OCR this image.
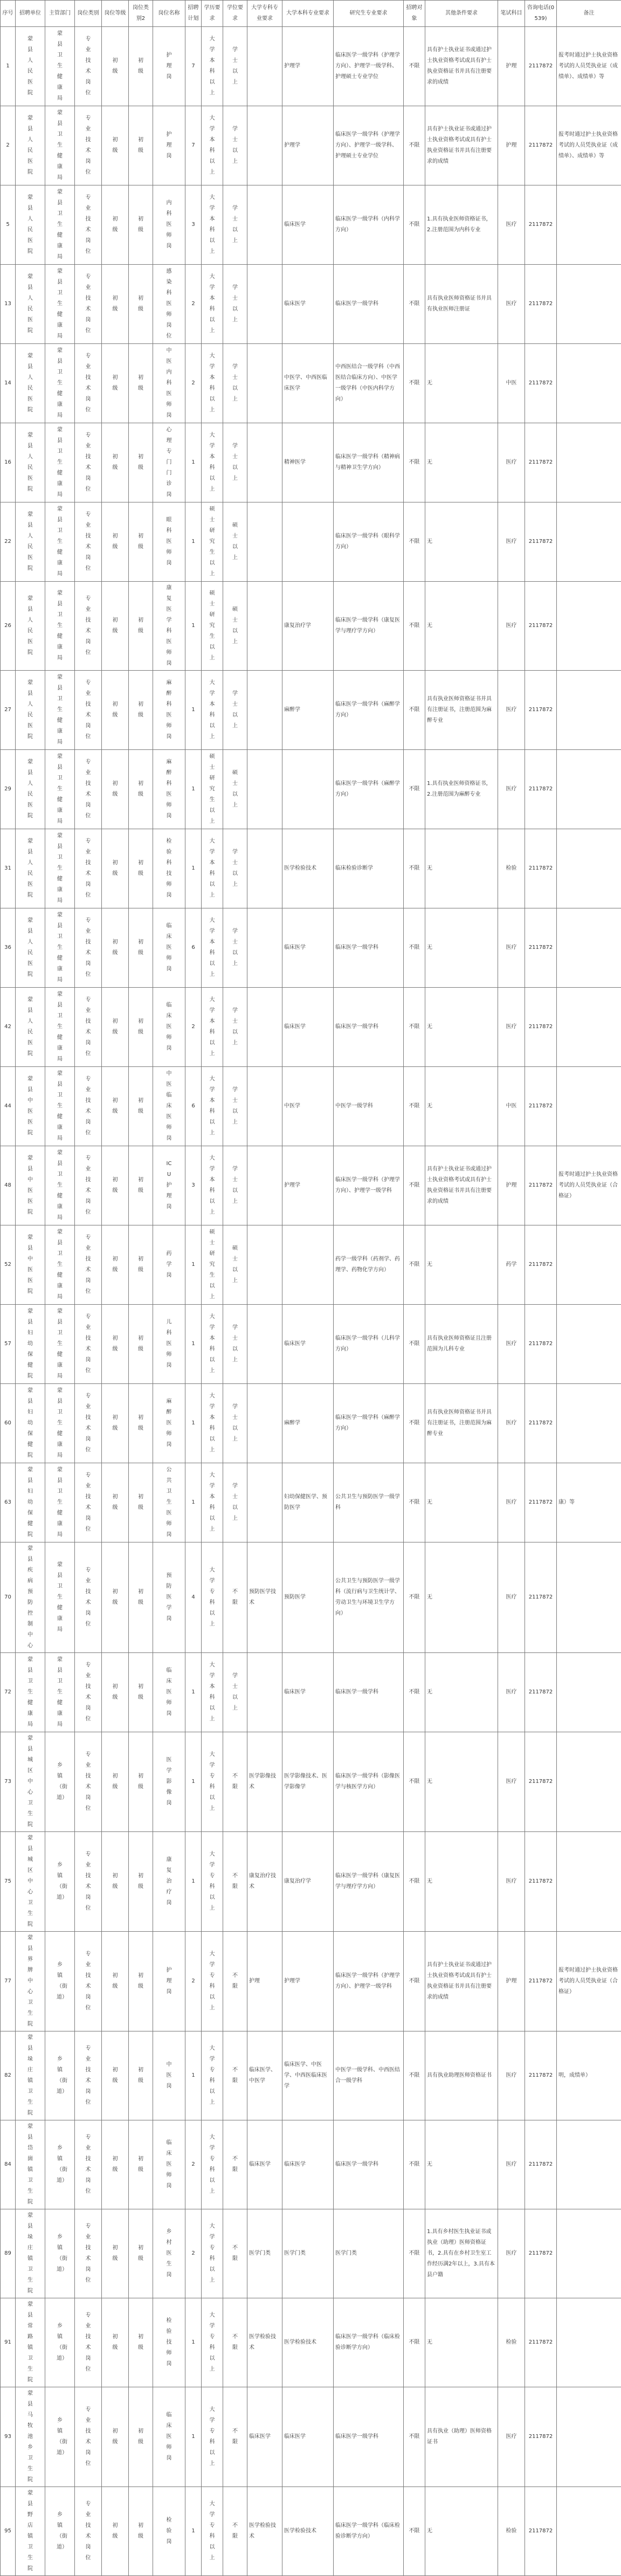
序号	招聘单位	主管部门	岗位类别	岗位等级	岗位类别2	岗位名称	招聘计划	学历要求	学位要求	大学专科专业要求	大学本科专业要求	研究生专业要求	招聘对象	其他条件要求	笔试科目	咨询电话(0539)	备注
1	蒙县人民医院	蒙县卫生健康局	专业技术岗位	初级	初级	护理岗	7	大学本科以上	学士以上		护理学	临床医学一级学科（护理学方向）、护理学一级学科、护理硕士专业学位	不限	具有护士执业证书或通过护士执业资格考试或具有护士执业资格证书并具有注册要求的成绩	护理	2117872	报考时通过护士执业资格考试的人员凭执业证（成绩单）、成绩单）等
2	蒙县人民医院	蒙县卫生健康局	专业技术岗位	初级	初级	护理岗	7	大学本科以上	学士以上		护理学	临床医学一级学科（护理学方向）、护理学一级学科、护理硕士专业学位	不限	具有护士执业证书或通过护士执业资格考试或具有护士执业资格证书并具有注册要求的成绩	护理	2117872	报考时通过护士执业资格考试的人员凭执业证（成绩单）、成绩单）等
5	蒙县人民医院	蒙县卫生健康局	专业技术岗位	初级	初级	内科医师岗	3	大学本科以上	学士以上		临床医学	临床医学一级学科（内科学方向）	不限	1.具有执业医师资格证书，2.注册范围为内科专业	医疗	2117872	
13	蒙县人民医院	蒙县卫生健康局	专业技术岗位	初级	初级	感染科医师岗位	2	大学本科以上	学士以上		临床医学	临床医学一级学科	不限	具有执业医师资格证书并具有执业医师注册证	医疗	2117872	
14	蒙县人民医院	蒙县卫生健康局	专业技术岗位	初级	初级	中医内科医师岗	2	大学本科以上	学士以上		中医学、中西医临床医学	中西医结合一级学科（中西医结合临床方向）、中医学一级学科（中医内科学方向）	不限	无	中医	2117872	
16	蒙县人民医院	蒙县卫生健康局	专业技术岗位	初级	初级	心理专门门诊岗	1	大学本科以上	学士以上		精神医学	临床医学一级学科（精神病与精神卫生学方向）	不限	无	医疗	2117872	
22	蒙县人民医院	蒙县卫生健康局	专业技术岗位	初级	初级	眼科医师岗	1	硕士研究生以上	硕士以上			临床医学一级学科（眼科学方向）	不限	无	医疗	2117872	
26	蒙县人民医院	蒙县卫生健康局	专业技术岗位	初级	初级	康复医学科医师岗	1	硕士研究生以上	硕士以上		康复治疗学	临床医学一级学科（康复医学与理疗学方向）	不限	无	医疗	2117872	
27	蒙县人民医院	蒙县卫生健康局	专业技术岗位	初级	初级	麻醉科医师岗	1	大学本科以上	学士以上		麻醉学	临床医学一级学科（麻醉学方向）	不限	具有执业医师资格证书并具有注册证书，注册范围为麻醉专业	医疗	2117872	
29	蒙县人民医院	蒙县卫生健康局	专业技术岗位	初级	初级	麻醉科医师岗	1	硕士研究生以上	硕士以上			临床医学一级学科（麻醉学方向）	不限	1.具有执业医师资格证书，2.注册范围为麻醉专业	医疗	2117872	
31	蒙县人民医院	蒙县卫生健康局	专业技术岗位	初级	初级	检验科技师岗	1	大学本科以上	学士以上		医学检验技术	临床检验诊断学	不限	无	检验	2117872	
36	蒙县人民医院	蒙县卫生健康局	专业技术岗位	初级	初级	临床医师岗	6	大学本科以上	学士以上		临床医学	临床医学一级学科	不限	无	医疗	2117872	
42	蒙县人民医院	蒙县卫生健康局	专业技术岗位	初级	初级	临床医师岗	2	大学本科以上	学士以上		临床医学	临床医学一级学科	不限	无	医疗	2117872	
44	蒙县中医医院	蒙县卫生健康局	专业技术岗位	初级	初级	中医临床医师岗	6	大学本科以上	学士以上		中医学	中医学一级学科	不限	无	中医	2117872	
48	蒙县中医医院	蒙县卫生健康局	专业技术岗位	初级	初级	ICU护理岗	3	大学本科以上	学士以上		护理学	临床医学一级学科（护理学方向）、护理学一级学科	不限	具有护士执业证书或通过护士执业资格考试或具有护士执业资格证书并具有注册要求的成绩	护理	2117872	报考时通过护士执业资格考试的人员凭执业证（合格证）
52	蒙县中医医院	蒙县卫生健康局	专业技术岗位	初级	初级	药学岗	1	硕士研究生以上	硕士以上			药学一级学科（药剂学、药理学、药物化学方向）	不限	无	药学	2117872	
57	蒙县妇幼保健院	蒙县卫生健康局	专业技术岗位	初级	初级	儿科医师岗	1	大学本科以上	学士以上		临床医学	临床医学一级学科（儿科学方向）	不限	具有执业医师资格证且注册范围为儿科专业	医疗	2117872	
60	蒙县妇幼保健院	蒙县卫生健康局	专业技术岗位	初级	初级	麻醉医师岗	1	大学本科以上	学士以上		麻醉学	临床医学一级学科（麻醉学方向）	不限	具有执业医师资格证书并具有注册证书，注册范围为麻醉专业	医疗	2117872	
63	蒙县妇幼保健院	蒙县卫生健康局	专业技术岗位	初级	初级	公共卫生医师岗	1	大学本科以上	学士以上		妇幼保健医学、预防医学	公共卫生与预防医学一级学科	不限	无	医疗	2117872	康）等
70	蒙县疾病预防控制中心	蒙县卫生健康局	专业技术岗位	初级	初级	预防医学岗	4	大学专科以上	不限	预防医学技术	预防医学	公共卫生与预防医学一级学科（流行病与卫生统计学、劳动卫生与环境卫生学方向）	不限	无	医疗	2117872	
72	蒙县卫生健康局	蒙县卫生健康局	专业技术岗位	初级	初级	临床医师岗	1	大学本科以上	学士以上		临床医学	临床医学一级学科	不限	无	医疗	2117872	
73	蒙县城区中心卫生院	乡镇（街道）	专业技术岗位	初级	初级	医学影像岗	1	大学专科以上	不限	医学影像技术	医学影像技术、医学影像学	临床医学一级学科（影像医学与核医学方向）	不限	无	医疗	2117872	
75	蒙县城区中心卫生院	乡镇（街道）	专业技术岗位	初级	初级	康复治疗岗	1	大学专科以上	不限	康复治疗技术	康复治疗学	临床医学一级学科（康复医学与理疗学方向）	不限	无	医疗	2117872	
77	蒙县界牌中心卫生院	乡镇（街道）	专业技术岗位	初级	初级	护理岗	2	大学专科以上	不限	护理	护理学	临床医学一级学科（护理学方向）、护理学一级学科	不限	具有护士执业证书或通过护士执业资格考试或具有护士执业资格证书并具有注册要求的成绩	护理	2117872	报考时通过护士执业资格考试的人员凭执业证（合格证）
82	蒙县垛庄镇卫生院	乡镇（街道）	专业技术岗位	初级	初级	中医岗	1	大学专科以上	不限	临床医学、中医学	临床医学、中医学、中西医临床医学	中医学一级学科、中西医结合一级学科	不限	具有执业助理医师资格证书	医疗	2117872	明，成绩单）
84	蒙县岱崮镇卫生院	乡镇（街道）	专业技术岗位	初级	初级	临床医师岗	2	大学专科以上	不限	临床医学	临床医学	临床医学一级学科	不限	无	医疗	2117872	
89	蒙县垛庄镇卫生院	乡镇（街道）	专业技术岗位	初级	初级	乡村医生岗	2	大学专科以上	不限	医学门类	医学门类	医学门类	不限	1.具有乡村医生执业证书或执业（助理）医师资格证书，2.具有在乡村卫生室工作经历满2年以上，3.具有本县户籍	医疗	2117872	
91	蒙县常路镇卫生院	乡镇（街道）	专业技术岗位	初级	初级	检验技师岗	1	大学专科以上	不限	医学检验技术	医学检验技术	临床医学一级学科（临床检验诊断学方向）	不限	无	检验	2117872	
93	蒙县马牧池乡卫生院	乡镇（街道）	专业技术岗位	初级	初级	临床医师岗	1	大学专科以上	不限	临床医学	临床医学	临床医学一级学科	不限	具有执业（助理）医师资格证书	医疗	2117872	
95	蒙县野店镇卫生院	乡镇（街道）	专业技术岗位	初级	初级	检验岗	1	大学专科以上	不限	医学检验技术	医学检验技术	临床医学一级学科（临床检验诊断学方向）	不限	无	检验	2117872	
